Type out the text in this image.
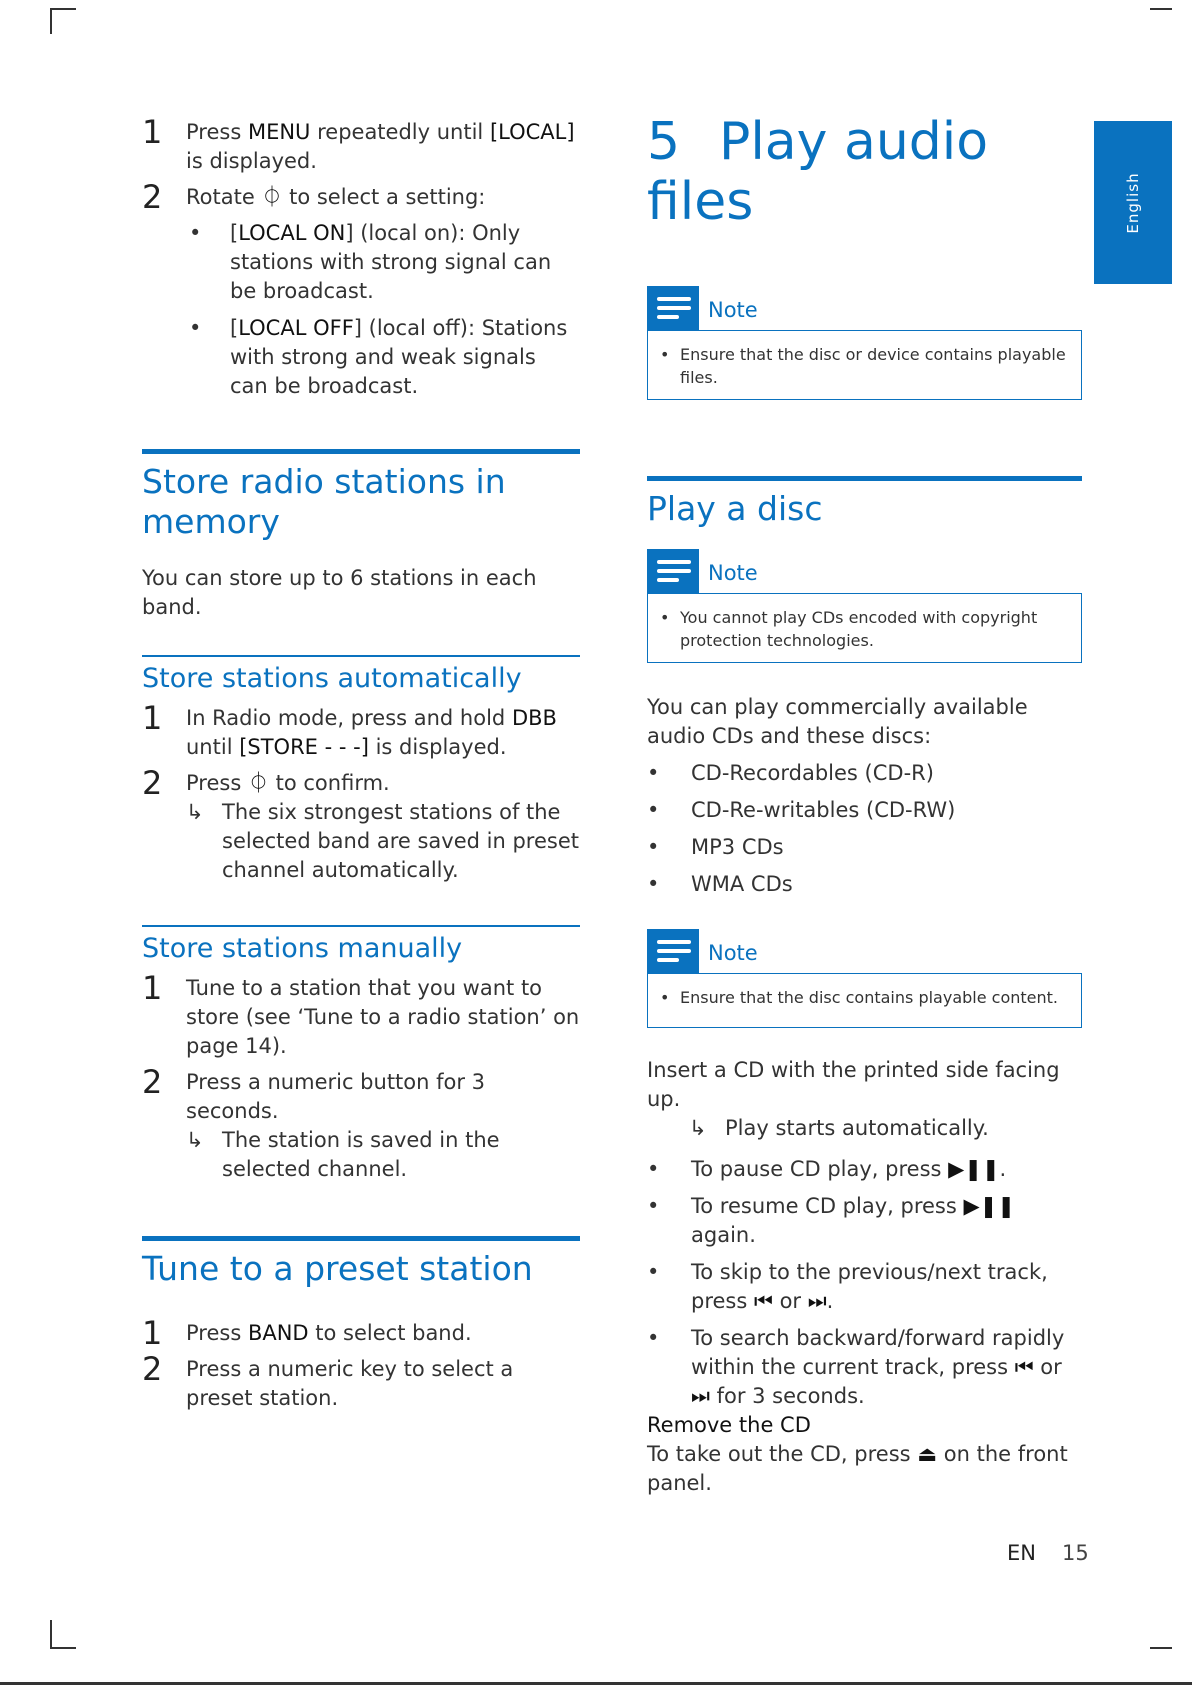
English
1 Press MENU repeatedly until [LOCAL] is displayed.
2 Rotate ⏀ to select a setting:
• [LOCAL ON] (local on): Only stations with strong signal can be broadcast.
• [LOCAL OFF] (local off): Stations with strong and weak signals can be broadcast.
Store radio stations in memory
You can store up to 6 stations in each band.
Store stations automatically
1 In Radio mode, press and hold DBB until [STORE - - -] is displayed.
2 Press ⏀ to confirm.
↳ The six strongest stations of the selected band are saved in preset channel automatically.
Store stations manually
1 Tune to a station that you want to store (see ‘Tune to a radio station’ on page 14).
2 Press a numeric button for 3 seconds.
↳ The station is saved in the selected channel.
Tune to a preset station
1 Press BAND to select band.
2 Press a numeric key to select a preset station.
5 Play audio files
Note
• Ensure that the disc or device contains playable files.
Play a disc
Note
• You cannot play CDs encoded with copyright protection technologies.
You can play commercially available audio CDs and these discs:
• CD-Recordables (CD-R)
• CD-Re-writables (CD-RW)
• MP3 CDs
• WMA CDs
Note
• Ensure that the disc contains playable content.
Insert a CD with the printed side facing up.
↳ Play starts automatically.
• To pause CD play, press ▶❚❚.
• To resume CD play, press ▶❚❚ again.
• To skip to the previous/next track, press ⏮ or ⏭.
• To search backward/forward rapidly within the current track, press ⏮ or ⏭ for 3 seconds.
Remove the CD
To take out the CD, press ⏏ on the front panel.
EN 15
